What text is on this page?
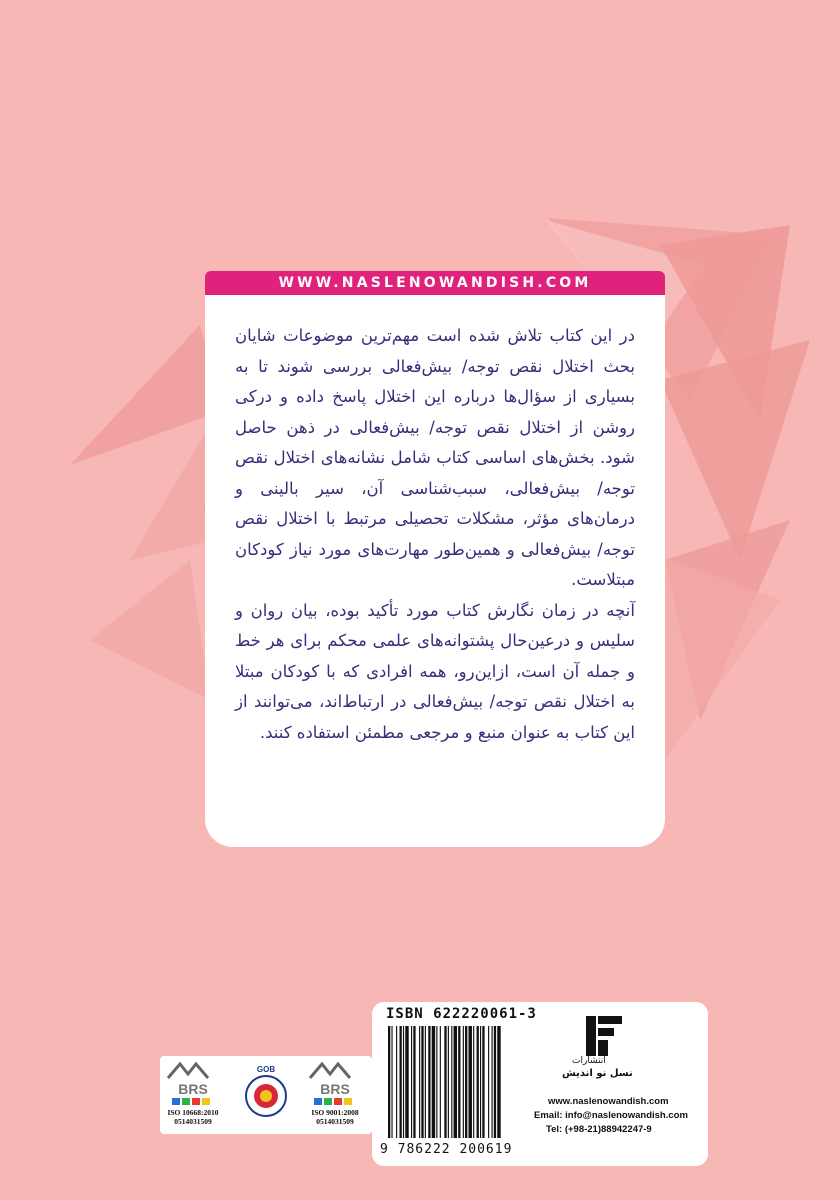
WWW.NASLENOWANDISH.COM

در این کتاب تلاش شده است مهم‌ترین موضوعات شایان بحث اختلال نقص توجه/ بیش‌فعالی بررسی شوند تا به بسیاری از سؤال‌ها درباره این اختلال پاسخ داده و درکی روشن از اختلال نقص توجه/ بیش‌فعالی در ذهن حاصل شود. بخش‌های اساسی کتاب شامل نشانه‌های اختلال نقص توجه/ بیش‌فعالی، سبب‌شناسی آن، سیر بالینی و درمان‌های مؤثر، مشکلات تحصیلی مرتبط با اختلال نقص توجه/ بیش‌فعالی و همین‌طور مهارت‌های مورد نیاز کودکان مبتلاست.

آنچه در زمان نگارش کتاب مورد تأکید بوده، بیان روان و سلیس و درعین‌حال پشتوانه‌های علمی محکم برای هر خط و جمله آن است، ازاین‌رو، همه افرادی که با کودکان مبتلا به اختلال نقص توجه/ بیش‌فعالی در ارتباط‌اند، می‌توانند از این کتاب به عنوان منبع و مرجعی مطمئن استفاده کنند.

ISBN 622220061-3
9 786222 200619
انتشارات
نسل نو اندیش
www.naslenowandish.com
Email: info@naslenowandish.com
Tel: (+98-21)88942247-9
BRS
ISO 10668:2010
0514031509
GOB
BRS
ISO 9001:2008
0514031509
